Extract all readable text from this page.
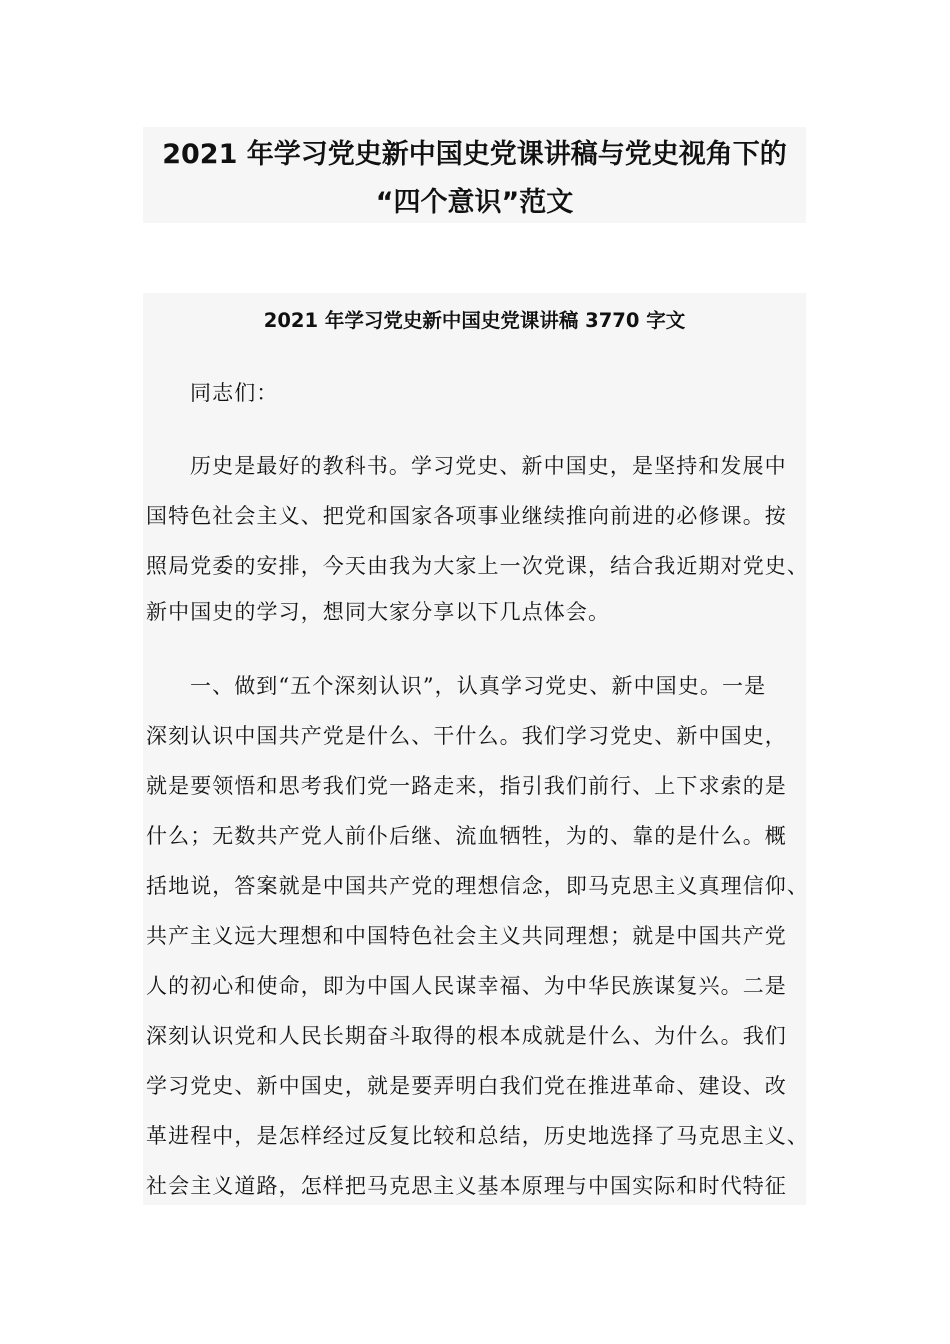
2021 年学习党史新中国史党课讲稿与党史视角下的
“四个意识”范文
2021 年学习党史新中国史党课讲稿 3770 字文
同志们：
历史是最好的教科书。学习党史、新中国史，是坚持和发展中
国特色社会主义、把党和国家各项事业继续推向前进的必修课。按
照局党委的安排，今天由我为大家上一次党课，结合我近期对党史、
新中国史的学习，想同大家分享以下几点体会。
一、做到“五个深刻认识”，认真学习党史、新中国史。一是
深刻认识中国共产党是什么、干什么。我们学习党史、新中国史，
就是要领悟和思考我们党一路走来，指引我们前行、上下求索的是
什么；无数共产党人前仆后继、流血牺牲，为的、靠的是什么。概
括地说，答案就是中国共产党的理想信念，即马克思主义真理信仰、
共产主义远大理想和中国特色社会主义共同理想；就是中国共产党
人的初心和使命，即为中国人民谋幸福、为中华民族谋复兴。二是
深刻认识党和人民长期奋斗取得的根本成就是什么、为什么。我们
学习党史、新中国史，就是要弄明白我们党在推进革命、建设、改
革进程中，是怎样经过反复比较和总结，历史地选择了马克思主义、
社会主义道路，怎样把马克思主义基本原理与中国实际和时代特征
